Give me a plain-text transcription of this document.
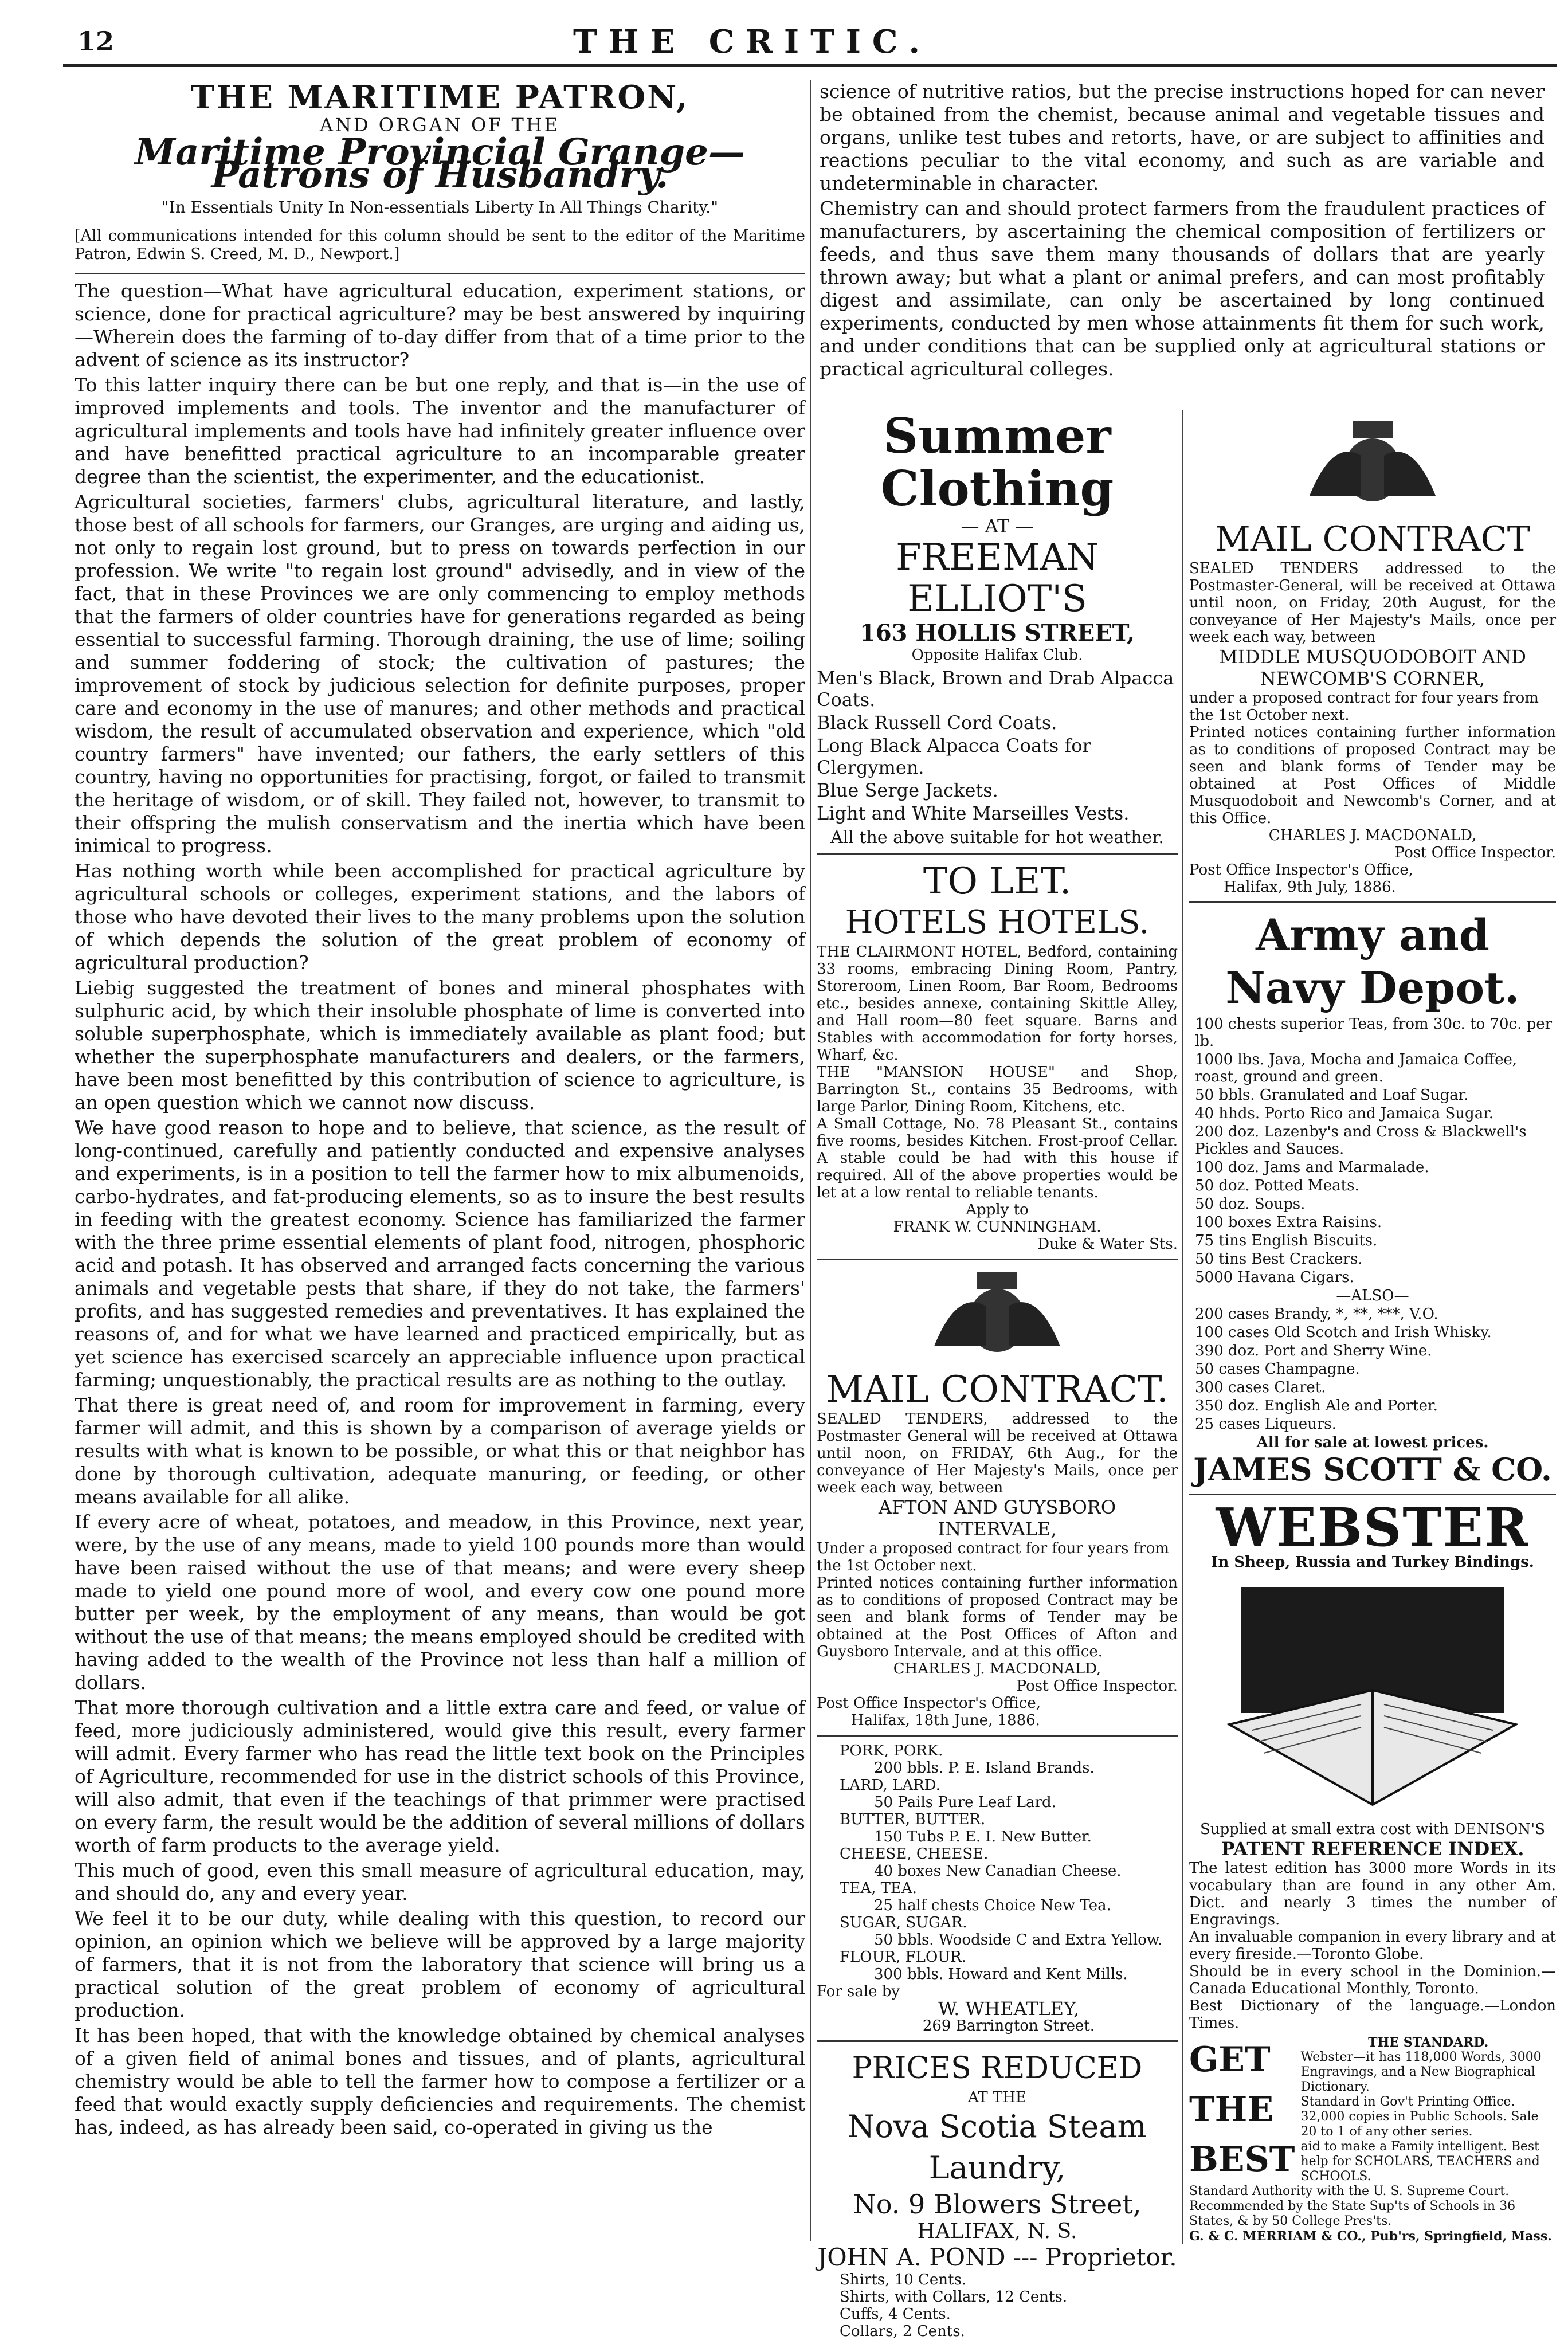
12	THE CRITIC.
THE MARITIME PATRON,
AND ORGAN OF THE
Maritime Provincial Grange—Patrons of Husbandry.
"In Essentials Unity In Non-essentials Liberty In All Things Charity."
[All communications intended for this column should be sent to the editor of the Maritime Patron, Edwin S. Creed, M. D., Newport.]

The question—What have agricultural education, experiment stations, or science, done for practical agriculture? may be best answered by inquiring—Wherein does the farming of to-day differ from that of a time prior to the advent of science as its instructor?

To this latter inquiry there can be but one reply, and that is—in the use of improved implements and tools. The inventor and the manufacturer of agricultural implements and tools have had infinitely greater influence over and have benefitted practical agriculture to an incomparable greater degree than the scientist, the experimenter, and the educationist.

Agricultural societies, farmers' clubs, agricultural literature, and lastly, those best of all schools for farmers, our Granges, are urging and aiding us, not only to regain lost ground, but to press on towards perfection in our profession. We write "to regain lost ground" advisedly, and in view of the fact, that in these Provinces we are only commencing to employ methods that the farmers of older countries have for generations regarded as being essential to successful farming. Thorough draining, the use of lime; soiling and summer foddering of stock; the cultivation of pastures; the improvement of stock by judicious selection for definite purposes, proper care and economy in the use of manures; and other methods and practical wisdom, the result of accumulated observation and experience, which "old country farmers" have invented; our fathers, the early settlers of this country, having no opportunities for practising, forgot, or failed to transmit the heritage of wisdom, or of skill. They failed not, however, to transmit to their offspring the mulish conservatism and the inertia which have been inimical to progress.

Has nothing worth while been accomplished for practical agriculture by agricultural schools or colleges, experiment stations, and the labors of those who have devoted their lives to the many problems upon the solution of which depends the solution of the great problem of economy of agricultural production?

Liebig suggested the treatment of bones and mineral phosphates with sulphuric acid, by which their insoluble phosphate of lime is converted into soluble superphosphate, which is immediately available as plant food; but whether the superphosphate manufacturers and dealers, or the farmers, have been most benefitted by this contribution of science to agriculture, is an open question which we cannot now discuss.

We have good reason to hope and to believe, that science, as the result of long-continued, carefully and patiently conducted and expensive analyses and experiments, is in a position to tell the farmer how to mix albumenoids, carbo-hydrates, and fat-producing elements, so as to insure the best results in feeding with the greatest economy. Science has familiarized the farmer with the three prime essential elements of plant food, nitrogen, phosphoric acid and potash. It has observed and arranged facts concerning the various animals and vegetable pests that share, if they do not take, the farmers' profits, and has suggested remedies and preventatives. It has explained the reasons of, and for what we have learned and practiced empirically, but as yet science has exercised scarcely an appreciable influence upon practical farming; unquestionably, the practical results are as nothing to the outlay.

That there is great need of, and room for improvement in farming, every farmer will admit, and this is shown by a comparison of average yields or results with what is known to be possible, or what this or that neighbor has done by thorough cultivation, adequate manuring, or feeding, or other means available for all alike.

If every acre of wheat, potatoes, and meadow, in this Province, next year, were, by the use of any means, made to yield 100 pounds more than would have been raised without the use of that means; and were every sheep made to yield one pound more of wool, and every cow one pound more butter per week, by the employment of any means, than would be got without the use of that means; the means employed should be credited with having added to the wealth of the Province not less than half a million of dollars.

That more thorough cultivation and a little extra care and feed, or value of feed, more judiciously administered, would give this result, every farmer will admit. Every farmer who has read the little text book on the Principles of Agriculture, recommended for use in the district schools of this Province, will also admit, that even if the teachings of that primmer were practised on every farm, the result would be the addition of several millions of dollars worth of farm products to the average yield.

This much of good, even this small measure of agricultural education, may, and should do, any and every year.

We feel it to be our duty, while dealing with this question, to record our opinion, an opinion which we believe will be approved by a large majority of farmers, that it is not from the laboratory that science will bring us a practical solution of the great problem of economy of agricultural production.

It has been hoped, that with the knowledge obtained by chemical analyses of a given field of animal bones and tissues, and of plants, agricultural chemistry would be able to tell the farmer how to compose a fertilizer or a feed that would exactly supply deficiencies and requirements. The chemist has, indeed, as has already been said, co-operated in giving us the

science of nutritive ratios, but the precise instructions hoped for can never be obtained from the chemist, because animal and vegetable tissues and organs, unlike test tubes and retorts, have, or are subject to affinities and reactions peculiar to the vital economy, and such as are variable and undeterminable in character.

Chemistry can and should protect farmers from the fraudulent practices of manufacturers, by ascertaining the chemical composition of fertilizers or feeds, and thus save them many thousands of dollars that are yearly thrown away; but what a plant or animal prefers, and can most profitably digest and assimilate, can only be ascertained by long continued experiments, conducted by men whose attainments fit them for such work, and under conditions that can be supplied only at agricultural stations or practical agricultural colleges.

Summer Clothing
— AT —
FREEMAN ELLIOT'S
163 HOLLIS STREET,
Opposite Halifax Club.
Men's Black, Brown and Drab Alpacca Coats.
Black Russell Cord Coats.
Long Black Alpacca Coats for Clergymen.
Blue Serge Jackets.
Light and White Marseilles Vests.
All the above suitable for hot weather.
TO LET.
HOTELS HOTELS.
THE CLAIRMONT HOTEL, Bedford, containing 33 rooms, embracing Dining Room, Pantry, Storeroom, Linen Room, Bar Room, Bedrooms etc., besides annexe, containing Skittle Alley, and Hall room—80 feet square. Barns and Stables with accommodation for forty horses, Wharf, &c.
THE "MANSION HOUSE" and Shop, Barrington St., contains 35 Bedrooms, with large Parlor, Dining Room, Kitchens, etc.
A Small Cottage, No. 78 Pleasant St., contains five rooms, besides Kitchen. Frost-proof Cellar. A stable could be had with this house if required. All of the above properties would be let at a low rental to reliable tenants.
Apply to
FRANK W. CUNNINGHAM.
Duke & Water Sts.
MAIL CONTRACT.
SEALED TENDERS, addressed to the Postmaster General will be received at Ottawa until noon, on FRIDAY, 6th Aug., for the conveyance of Her Majesty's Mails, once per week each way, between
AFTON AND GUYSBORO INTERVALE,
Under a proposed contract for four years from the 1st October next.
Printed notices containing further information as to conditions of proposed Contract may be seen and blank forms of Tender may be obtained at the Post Offices of Afton and Guysboro Intervale, and at this office.
CHARLES J. MACDONALD,
Post Office Inspector.
Post Office Inspector's Office,
Halifax, 18th June, 1886.
PORK, PORK.
200 bbls. P. E. Island Brands.
LARD, LARD.
50 Pails Pure Leaf Lard.
BUTTER, BUTTER.
150 Tubs P. E. I. New Butter.
CHEESE, CHEESE.
40 boxes New Canadian Cheese.
TEA, TEA.
25 half chests Choice New Tea.
SUGAR, SUGAR.
50 bbls. Woodside C and Extra Yellow.
FLOUR, FLOUR.
300 bbls. Howard and Kent Mills.
For sale by
W. WHEATLEY,
269 Barrington Street.
PRICES REDUCED
AT THE
Nova Scotia Steam Laundry,
No. 9 Blowers Street,
HALIFAX, N. S.
JOHN A. POND --- Proprietor.
Shirts, 10 Cents.
Shirts, with Collars, 12 Cents.
Cuffs, 4 Cents.
Collars, 2 Cents.
MAIL CONTRACT
SEALED TENDERS addressed to the Postmaster-General, will be received at Ottawa until noon, on Friday, 20th August, for the conveyance of Her Majesty's Mails, once per week each way, between
MIDDLE MUSQUODOBOIT AND NEWCOMB'S CORNER,
under a proposed contract for four years from the 1st October next.
Printed notices containing further information as to conditions of proposed Contract may be seen and blank forms of Tender may be obtained at Post Offices of Middle Musquodoboit and Newcomb's Corner, and at this Office.
CHARLES J. MACDONALD,
Post Office Inspector.
Post Office Inspector's Office,
Halifax, 9th July, 1886.
Army and Navy Depot.
100 chests superior Teas, from 30c. to 70c. per lb.
1000 lbs. Java, Mocha and Jamaica Coffee, roast, ground and green.
50 bbls. Granulated and Loaf Sugar.
40 hhds. Porto Rico and Jamaica Sugar.
200 doz. Lazenby's and Cross & Blackwell's Pickles and Sauces.
100 doz. Jams and Marmalade.
50 doz. Potted Meats.
50 doz. Soups.
100 boxes Extra Raisins.
75 tins English Biscuits.
50 tins Best Crackers.
5000 Havana Cigars.
—ALSO—
200 cases Brandy, *, **, ***, V.O.
100 cases Old Scotch and Irish Whisky.
390 doz. Port and Sherry Wine.
50 cases Champagne.
300 cases Claret.
350 doz. English Ale and Porter.
25 cases Liqueurs.
All for sale at lowest prices.
JAMES SCOTT & CO.
WEBSTER
In Sheep, Russia and Turkey Bindings.
Supplied at small extra cost with DENISON'S
PATENT REFERENCE INDEX.
The latest edition has 3000 more Words in its vocabulary than are found in any other Am. Dict. and nearly 3 times the number of Engravings.
An invaluable companion in every library and at every fireside.—Toronto Globe.
Should be in every school in the Dominion.—Canada Educational Monthly, Toronto.
Best Dictionary of the language.—London Times.
GET
THE
BEST
THE STANDARD.
Webster—it has 118,000 Words, 3000 Engravings, and a New Biographical Dictionary.
Standard in Gov't Printing Office. 32,000 copies in Public Schools. Sale 20 to 1 of any other series.
aid to make a Family intelligent. Best help for SCHOLARS, TEACHERS and SCHOOLS.
Standard Authority with the U. S. Supreme Court. Recommended by the State Sup'ts of Schools in 36 States, & by 50 College Pres'ts.
G. & C. MERRIAM & CO., Pub'rs, Springfield, Mass.
